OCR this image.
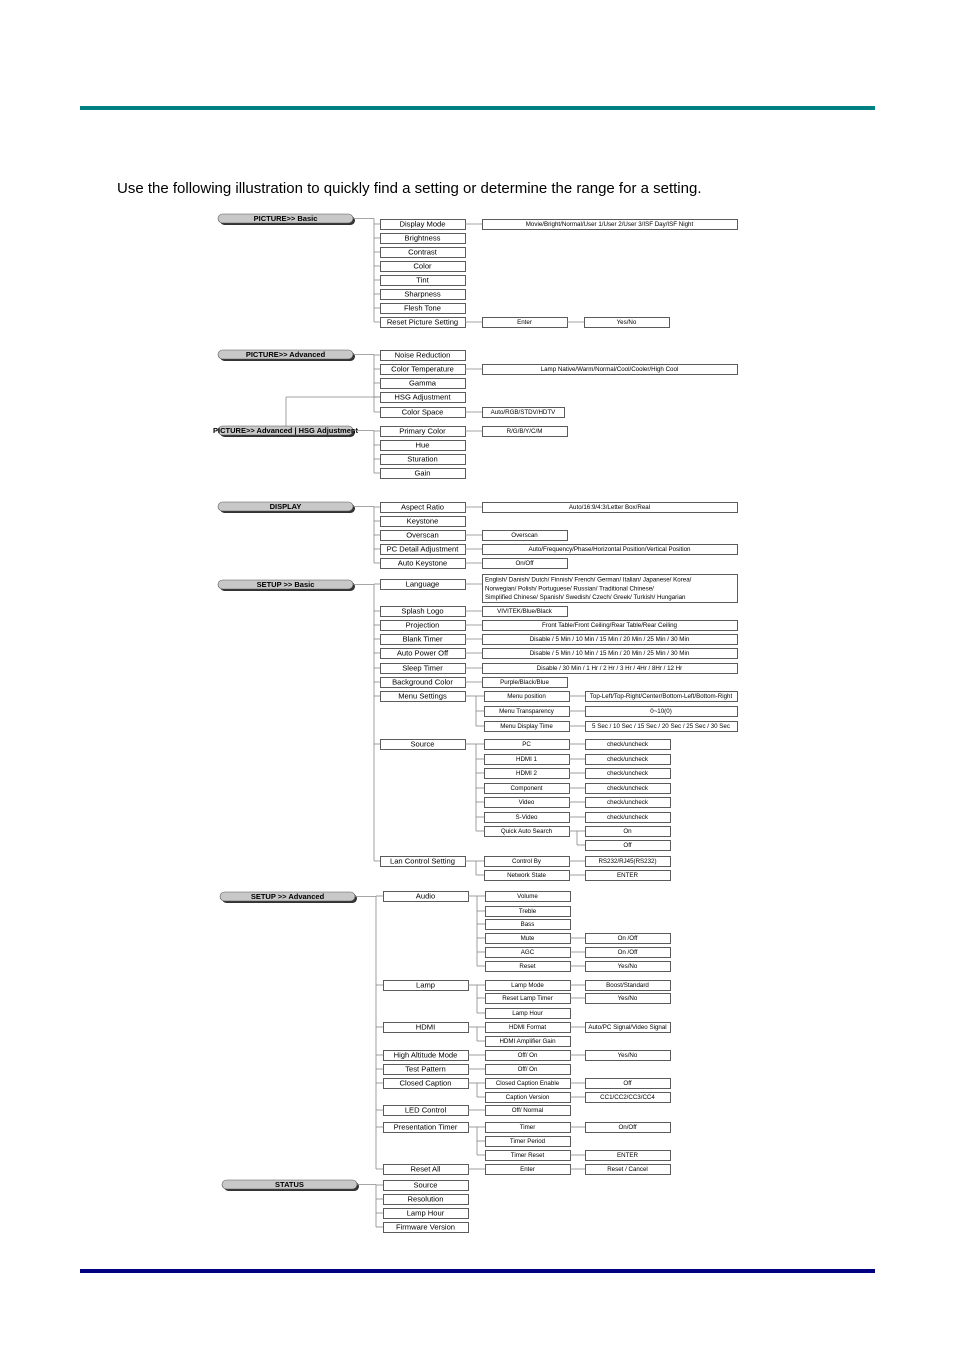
Use the following illustration to quickly find a setting or determine the range for a setting.
PICTURE>> Basic
Display Mode	Movie/Bright/Normal/User 1/User 2/User 3/ISF Day/ISF Night
Brightness
Contrast
Color
Tint
Sharpness
Flesh Tone
Reset Picture Setting	Enter	Yes/No
PICTURE>> Advanced	Noise Reduction
Color Temperature	Lamp Native/Warm/Normal/Cool/Cooler/High Cool
Gamma
HSG Adjustment
Color Space	Auto/RGB/STDV/HDTV
PICTURE>> Advanced | HSG Adjustment	Primary Color	R/G/B/Y/C/M
Hue
Sturation
Gain
DISPLAY	Aspect Ratio	Auto/16:9/4:3/Letter Box/Real
Keystone
Overscan	Overscan
PC Detail Adjustment	Auto/Frequency/Phase/Horizontal Position/Vertical Position
Auto Keystone	On/Off
SETUP >> Basic	Language	English/ Danish/ Dutch/ Finnish/ French/ German/ Italian/ Japanese/ Korea/
Norwegian/ Polish/ Portuguese/ Russian/ Traditional Chinese/
Simplified Chinese/ Spanish/ Swedish/ Czech/ Greek/ Turkish/ Hungarian
Splash Logo	VIVITEK/Blue/Black
Projection	Front Table/Front Ceiling/Rear Table/Rear Ceiling
Blank Timer	Disable / 5 Min / 10 Min / 15 Min / 20 Min / 25 Min / 30 Min
Auto Power Off	Disable / 5 Min / 10 Min / 15 Min / 20 Min / 25 Min / 30 Min
Sleep Timer	Disable / 30 Min / 1 Hr / 2 Hr / 3 Hr / 4Hr / 8Hr / 12 Hr
Background Color	Purple/Black/Blue
Menu Settings	Menu position	Top-Left/Top-Right/Center/Bottom-Left/Bottom-Right
Menu Transparency	0~10(0)
Menu Display Time	5 Sec / 10 Sec / 15 Sec / 20 Sec / 25 Sec / 30 Sec
Source	PC	check/uncheck
HDMI 1	check/uncheck
HDMI 2	check/uncheck
Component	check/uncheck
Video	check/uncheck
S-Video	check/uncheck
Quick Auto Search	On
Off
Lan Control Setting	Control By	RS232/RJ45(RS232)
Network State	ENTER
SETUP >> Advanced	Audio	Volume
Treble
Bass
Mute	On /Off
AGC	On /Off
Reset	Yes/No
Lamp	Lamp Mode	Boost/Standard
Reset Lamp Timer	Yes/No
Lamp Hour
HDMI	HDMI Format	Auto/PC Signal/Video Signal
HDMI Amplifier Gain
High Altitude Mode	Off/ On	Yes/No
Test Pattern	Off/ On
Closed Caption	Closed Caption Enable	Off
Caption Version	CC1/CC2/CC3/CC4
LED Control	Off/ Normal
Presentation Timer	Timer	On/Off
Timer Period
Timer Reset	ENTER
Reset All	Enter	Reset / Cancel
STATUS	Source
Resolution
Lamp Hour
Firmware Version
